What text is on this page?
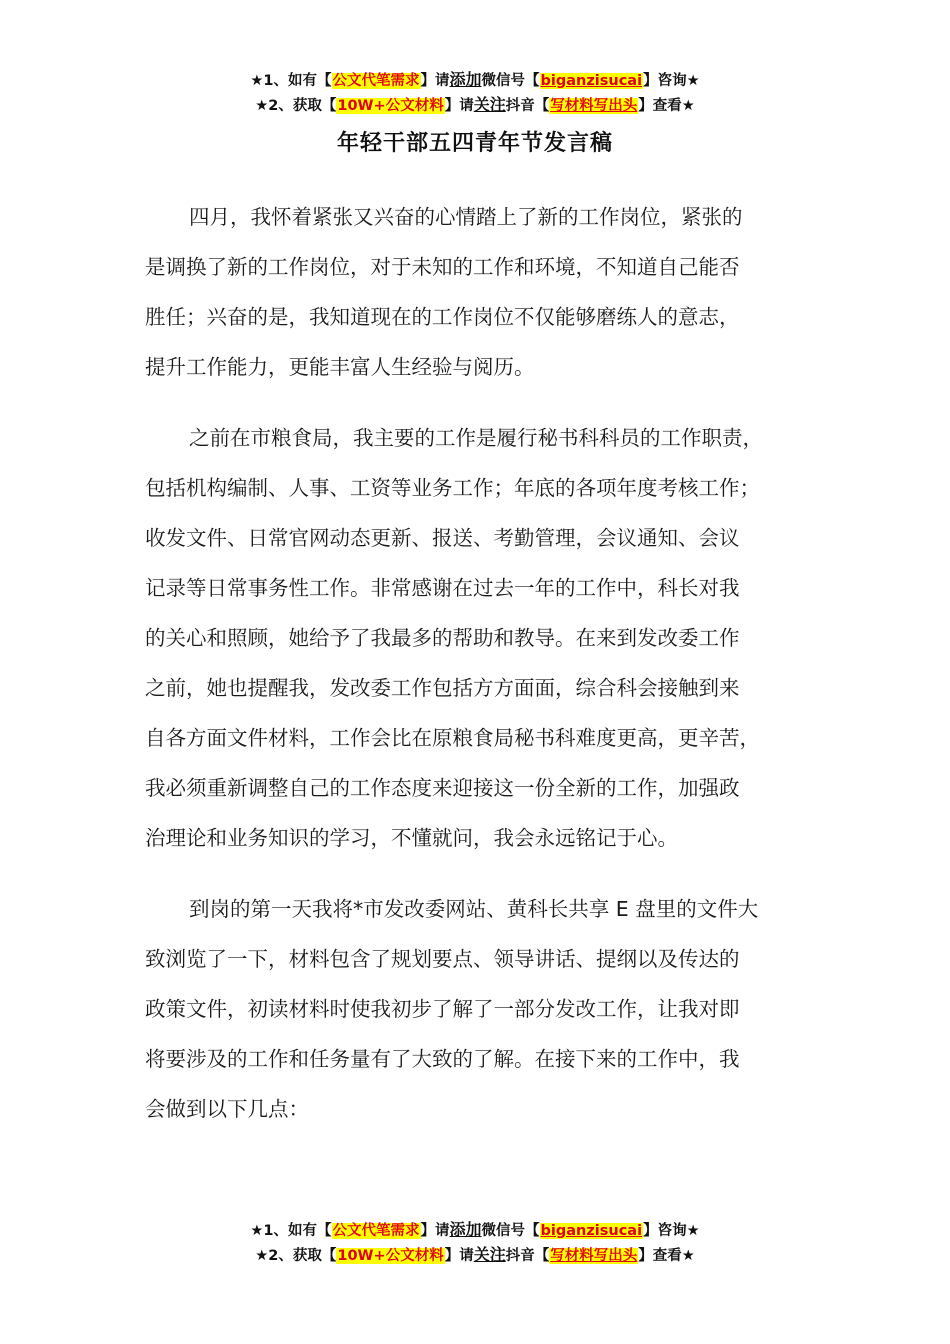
★1、如有【公文代笔需求】请添加微信号【biganzisucai】咨询★
★2、获取【10W+公文材料】请关注抖音【写材料写出头】查看★
年轻干部五四青年节发言稿
四月，我怀着紧张又兴奋的心情踏上了新的工作岗位，紧张的
是调换了新的工作岗位，对于未知的工作和环境，不知道自己能否
胜任；兴奋的是，我知道现在的工作岗位不仅能够磨练人的意志，
提升工作能力，更能丰富人生经验与阅历。
之前在市粮食局，我主要的工作是履行秘书科科员的工作职责，
包括机构编制、人事、工资等业务工作；年底的各项年度考核工作；
收发文件、日常官网动态更新、报送、考勤管理，会议通知、会议
记录等日常事务性工作。非常感谢在过去一年的工作中，科长对我
的关心和照顾，她给予了我最多的帮助和教导。在来到发改委工作
之前，她也提醒我，发改委工作包括方方面面，综合科会接触到来
自各方面文件材料，工作会比在原粮食局秘书科难度更高，更辛苦，
我必须重新调整自己的工作态度来迎接这一份全新的工作，加强政
治理论和业务知识的学习，不懂就问，我会永远铭记于心。
到岗的第一天我将*市发改委网站、黄科长共享 E 盘里的文件大
致浏览了一下，材料包含了规划要点、领导讲话、提纲以及传达的
政策文件，初读材料时使我初步了解了一部分发改工作，让我对即
将要涉及的工作和任务量有了大致的了解。在接下来的工作中，我
会做到以下几点：
★1、如有【公文代笔需求】请添加微信号【biganzisucai】咨询★
★2、获取【10W+公文材料】请关注抖音【写材料写出头】查看★
